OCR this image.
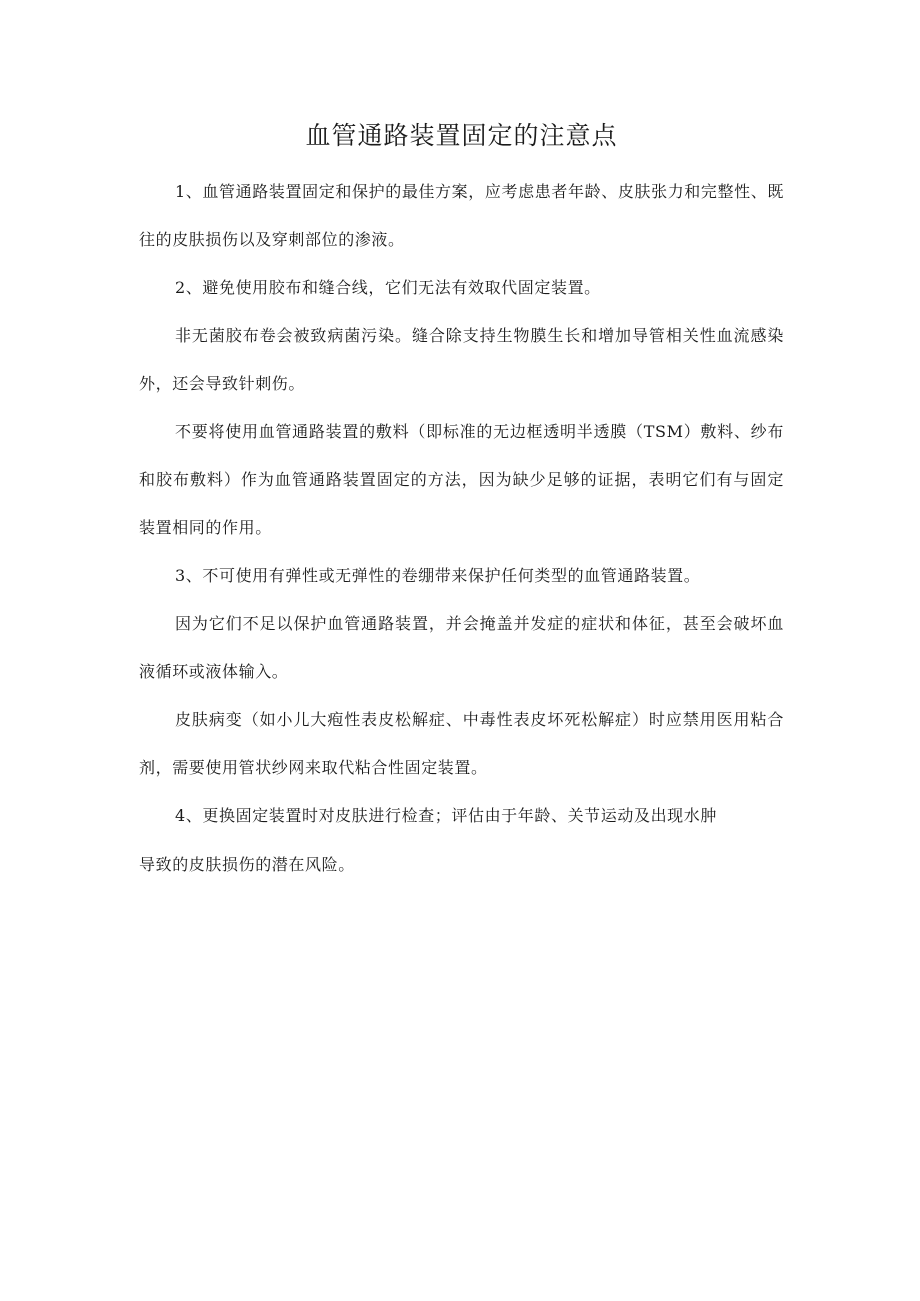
血管通路装置固定的注意点

1、血管通路装置固定和保护的最佳方案，应考虑患者年龄、皮肤张力和完整性、既往的皮肤损伤以及穿刺部位的渗液。

2、避免使用胶布和缝合线，它们无法有效取代固定装置。

非无菌胶布卷会被致病菌污染。缝合除支持生物膜生长和增加导管相关性血流感染外，还会导致针刺伤。

不要将使用血管通路装置的敷料（即标准的无边框透明半透膜（TSM）敷料、纱布和胶布敷料）作为血管通路装置固定的方法，因为缺少足够的证据，表明它们有与固定装置相同的作用。

3、不可使用有弹性或无弹性的卷绷带来保护任何类型的血管通路装置。

因为它们不足以保护血管通路装置，并会掩盖并发症的症状和体征，甚至会破坏血液循环或液体输入。

皮肤病变（如小儿大疱性表皮松解症、中毒性表皮坏死松解症）时应禁用医用粘合剂，需要使用管状纱网来取代粘合性固定装置。

4、更换固定装置时对皮肤进行检查；评估由于年龄、关节运动及出现水肿

导致的皮肤损伤的潜在风险。
